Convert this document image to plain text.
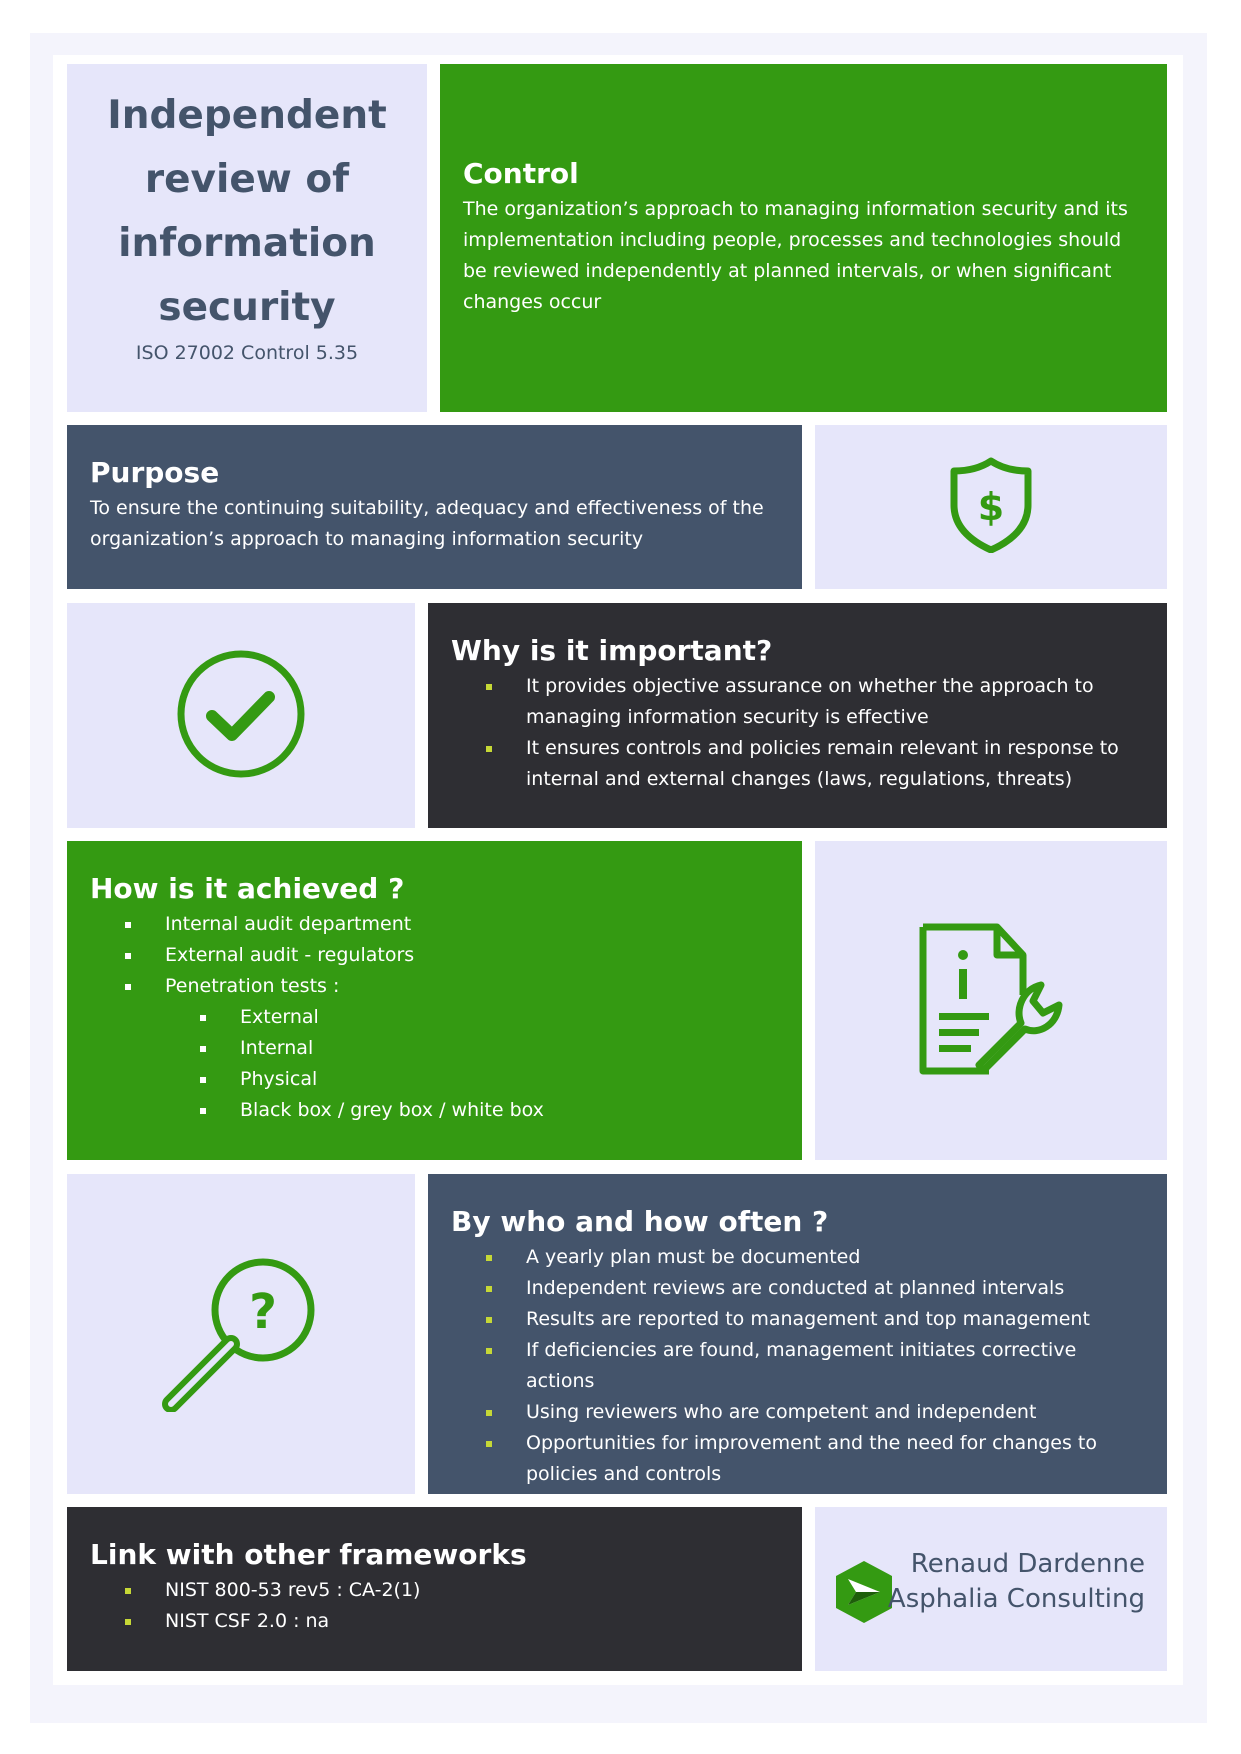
Independent review of information security
ISO 27002 Control 5.35
Control
The organization’s approach to managing information security and its implementation including people, processes and technologies should be reviewed independently at planned intervals, or when significant changes occur
Purpose
To ensure the continuing suitability, adequacy and effectiveness of the organization’s approach to managing information security
$
Why is it important?
It provides objective assurance on whether the approach to managing information security is effective
It ensures controls and policies remain relevant in response to internal and external changes (laws, regulations, threats)
How is it achieved ?
Internal audit department
External audit - regulators
Penetration tests :
External
Internal
Physical
Black box / grey box / white box
?
By who and how often ?
A yearly plan must be documented
Independent reviews are conducted at planned intervals
Results are reported to management and top management
If deficiencies are found, management initiates corrective actions
Using reviewers who are competent and independent
Opportunities for improvement and the need for changes to policies and controls
Link with other frameworks
NIST 800-53 rev5 : CA-2(1)
NIST CSF 2.0 : na
Renaud Dardenne
Asphalia Consulting
